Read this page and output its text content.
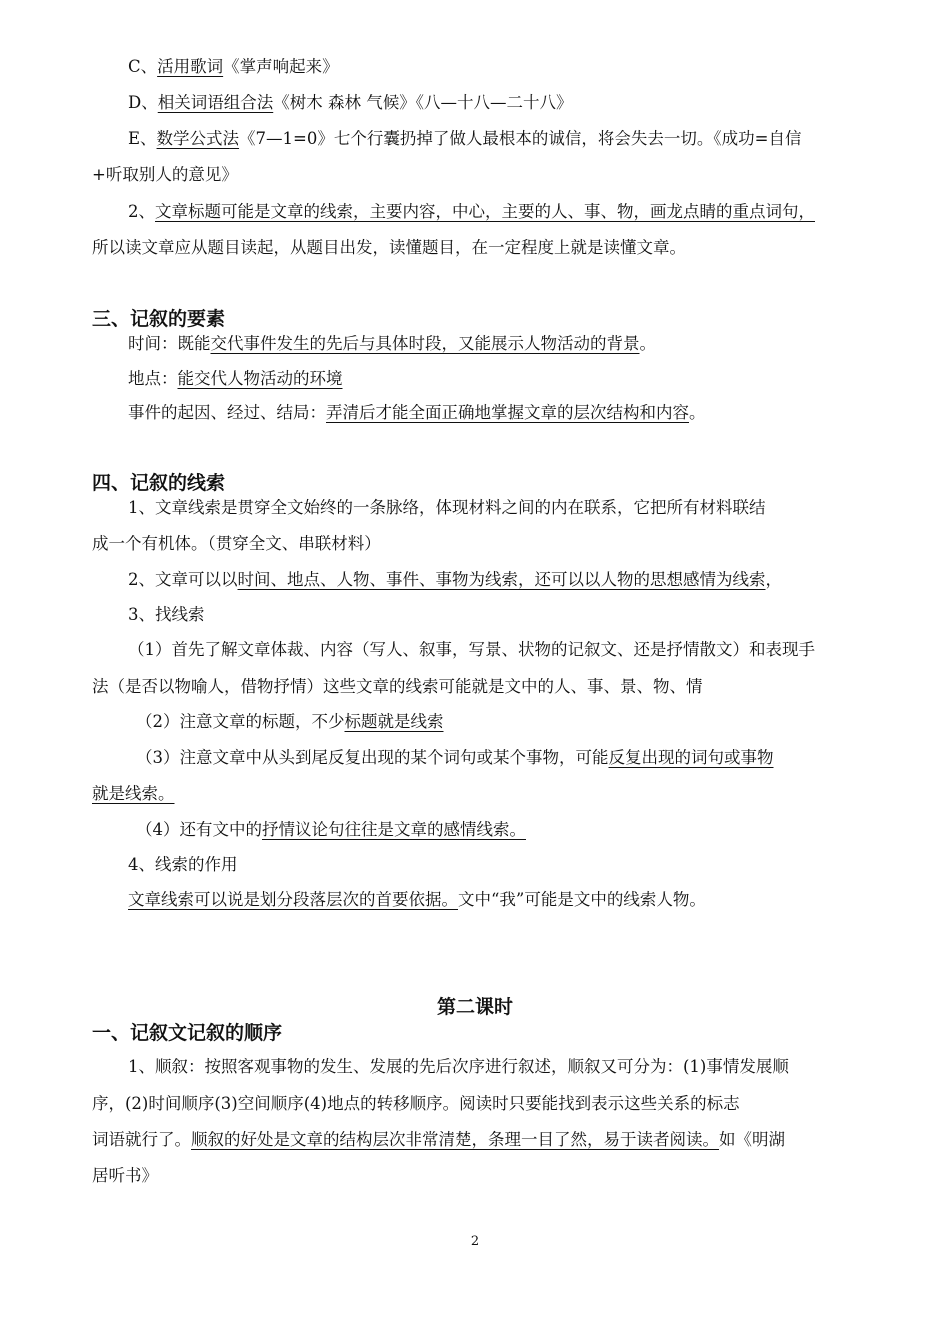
C、活用歌词《掌声响起来》
D、相关词语组合法《树木 森林 气候》《八—十八—二十八》
E、数学公式法《7—1=0》七个行囊扔掉了做人最根本的诚信，将会失去一切。《成功=自信
+听取别人的意见》
2、文章标题可能是文章的线索，主要内容，中心，主要的人、事、物，画龙点睛的重点词句，
所以读文章应从题目读起，从题目出发，读懂题目，在一定程度上就是读懂文章。
三、记叙的要素
时间：既能交代事件发生的先后与具体时段，又能展示人物活动的背景。
地点：能交代人物活动的环境
事件的起因、经过、结局：弄清后才能全面正确地掌握文章的层次结构和内容。
四、记叙的线索
1、文章线索是贯穿全文始终的一条脉络，体现材料之间的内在联系，它把所有材料联结
成一个有机体。（贯穿全文、串联材料）
2、文章可以以时间、地点、人物、事件、事物为线索，还可以以人物的思想感情为线索，
3、找线索
（1）首先了解文章体裁、内容（写人、叙事，写景、状物的记叙文、还是抒情散文）和表现手
法（是否以物喻人，借物抒情）这些文章的线索可能就是文中的人、事、景、物、情
（2）注意文章的标题，不少标题就是线索
（3）注意文章中从头到尾反复出现的某个词句或某个事物，可能反复出现的词句或事物
就是线索。
（4）还有文中的抒情议论句往往是文章的感情线索。
4、线索的作用
文章线索可以说是划分段落层次的首要依据。文中“我”可能是文中的线索人物。
第二课时
一、记叙文记叙的顺序
1、顺叙：按照客观事物的发生、发展的先后次序进行叙述，顺叙又可分为：(1)事情发展顺
序，(2)时间顺序(3)空间顺序(4)地点的转移顺序。阅读时只要能找到表示这些关系的标志
词语就行了。顺叙的好处是文章的结构层次非常清楚，条理一目了然，易于读者阅读。如《明湖
居听书》
2
